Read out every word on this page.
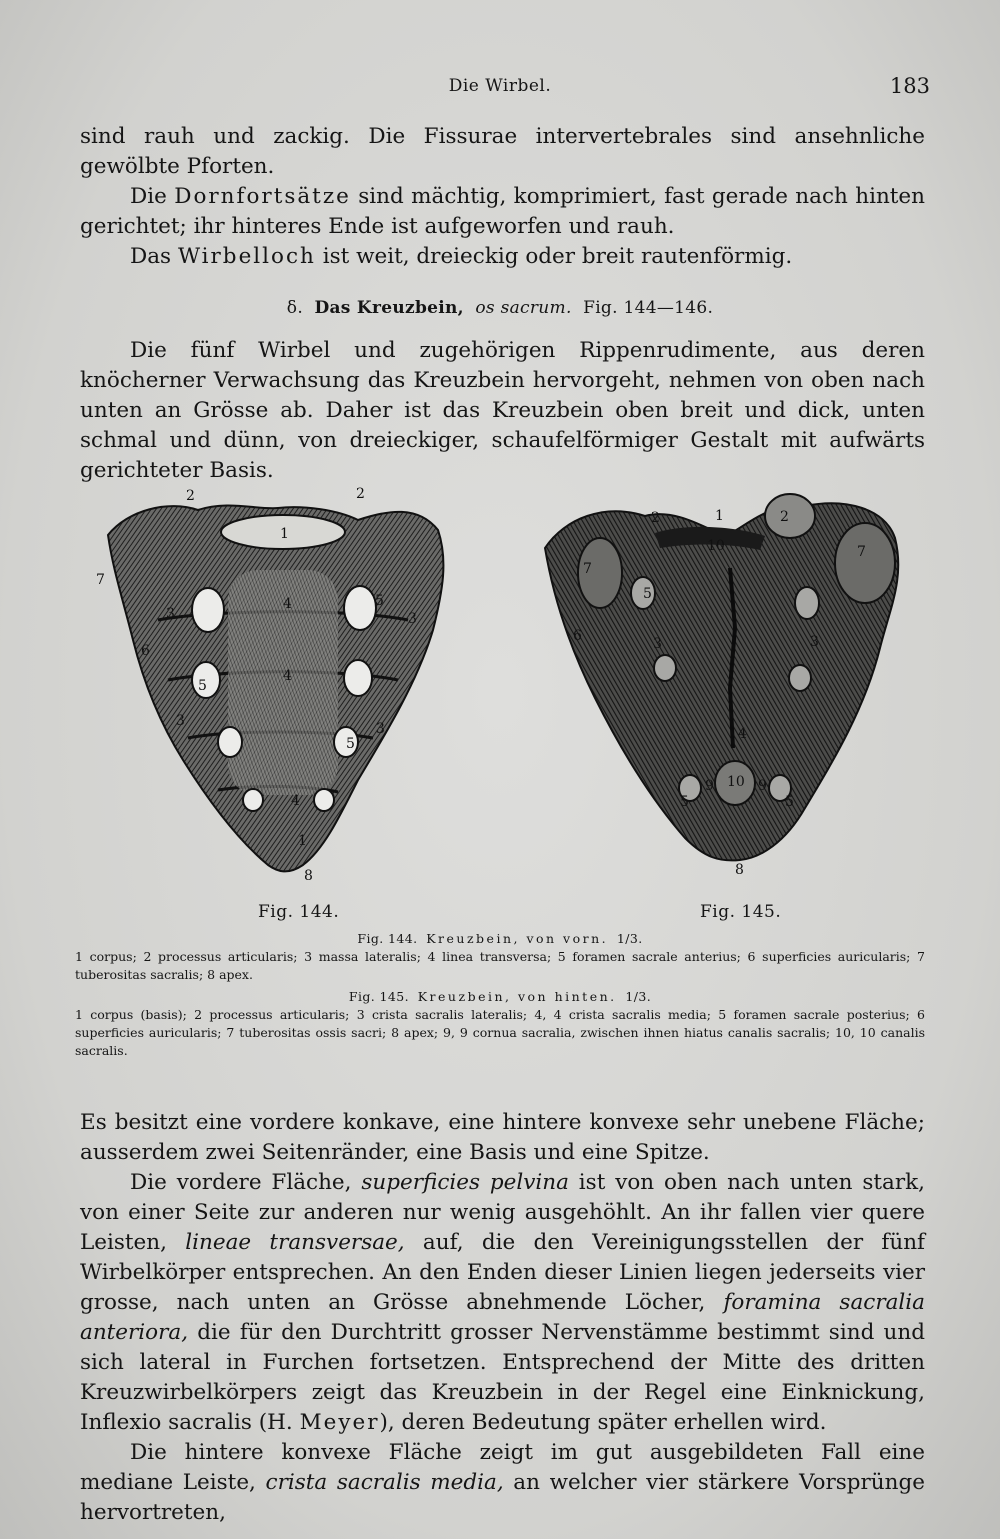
Die Wirbel.	183

sind rauh und zackig. Die Fissurae intervertebrales sind ansehnliche gewölbte Pforten.

Die Dornfortsätze sind mächtig, komprimiert, fast gerade nach hinten gerichtet; ihr hinteres Ende ist aufgeworfen und rauh.

Das Wirbelloch ist weit, dreieckig oder breit rautenförmig.

δ. Das Kreuzbein, os sacrum. Fig. 144—146.

Die fünf Wirbel und zugehörigen Rippenrudimente, aus deren knöcherner Verwachsung das Kreuzbein hervorgeht, nehmen von oben nach unten an Grösse ab. Daher ist das Kreuzbein oben breit und dick, unten schmal und dünn, von dreieckiger, schaufelförmiger Gestalt mit aufwärts gerichteter Basis.

2	2
1
7
4	5
3	3
6
4
5
3	3
5
4
1
8
Fig. 144.
2	1	2
10
7
7
5
3	3
6
4
10
9	9
5	5
8
Fig. 145.

Fig. 144. Kreuzbein, von vorn. 1/3.

1 corpus; 2 processus articularis; 3 massa lateralis; 4 linea transversa; 5 foramen sacrale anterius; 6 superficies auricularis; 7 tuberositas sacralis; 8 apex.

Fig. 145. Kreuzbein, von hinten. 1/3.

1 corpus (basis); 2 processus articularis; 3 crista sacralis lateralis; 4, 4 crista sacralis media; 5 foramen sacrale posterius; 6 superficies auricularis; 7 tuberositas ossis sacri; 8 apex; 9, 9 cornua sacralia, zwischen ihnen hiatus canalis sacralis; 10, 10 canalis sacralis.

Es besitzt eine vordere konkave, eine hintere konvexe sehr unebene Fläche; ausserdem zwei Seitenränder, eine Basis und eine Spitze.

Die vordere Fläche, superficies pelvina ist von oben nach unten stark, von einer Seite zur anderen nur wenig ausgehöhlt. An ihr fallen vier quere Leisten, lineae transversae, auf, die den Vereinigungsstellen der fünf Wirbelkörper entsprechen. An den Enden dieser Linien liegen jederseits vier grosse, nach unten an Grösse abnehmende Löcher, foramina sacralia anteriora, die für den Durchtritt grosser Nervenstämme bestimmt sind und sich lateral in Furchen fortsetzen. Entsprechend der Mitte des dritten Kreuzwirbelkörpers zeigt das Kreuzbein in der Regel eine Einknickung, Inflexio sacralis (H. Meyer), deren Bedeutung später erhellen wird.

Die hintere konvexe Fläche zeigt im gut ausgebildeten Fall eine mediane Leiste, crista sacralis media, an welcher vier stärkere Vorsprünge hervortreten,
